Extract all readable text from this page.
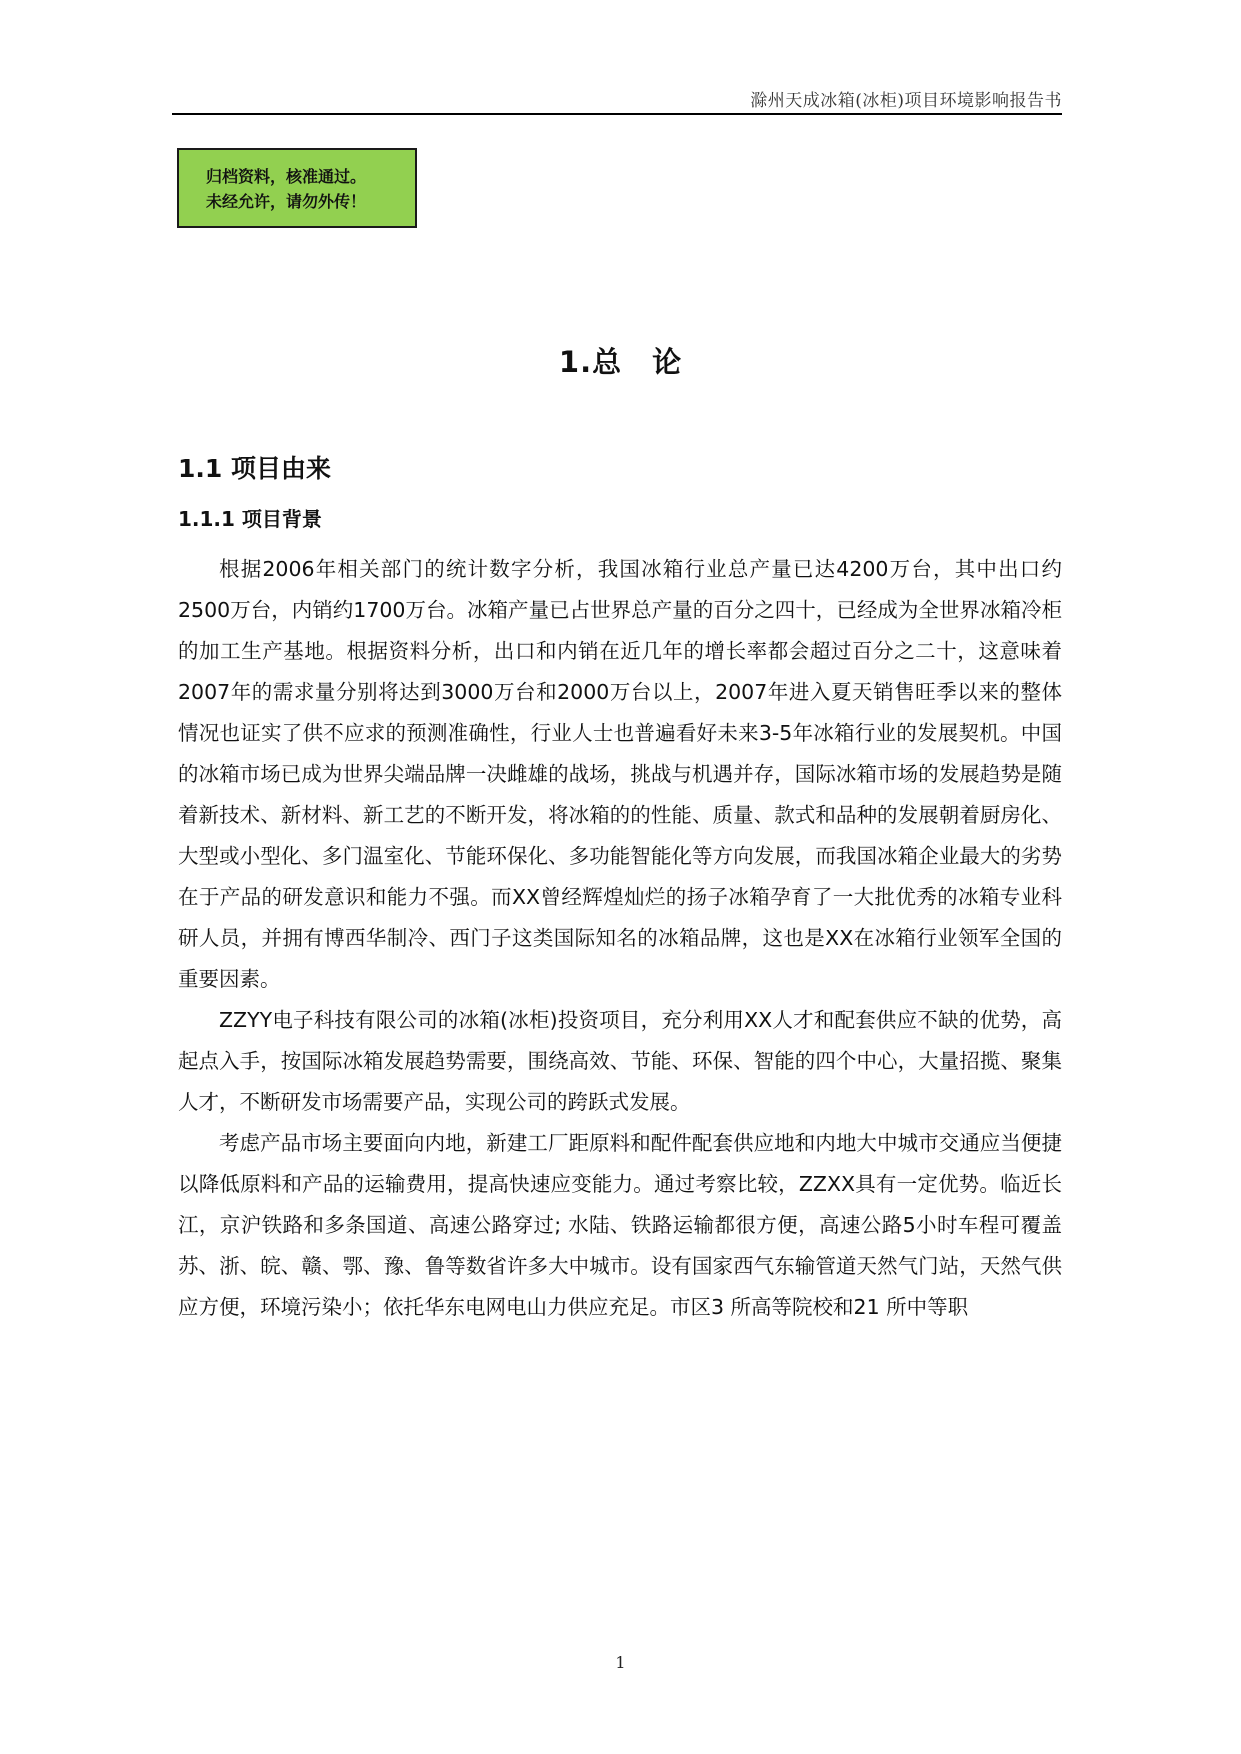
滁州天成冰箱(冰柜)项目环境影响报告书
归档资料，核准通过。
未经允许，请勿外传！
1.总　论
1.1 项目由来
1.1.1 项目背景

根据2006年相关部门的统计数字分析，我国冰箱行业总产量已达4200万台，其中出口约2500万台，内销约1700万台。冰箱产量已占世界总产量的百分之四十，已经成为全世界冰箱冷柜的加工生产基地。根据资料分析，出口和内销在近几年的增长率都会超过百分之二十，这意味着2007年的需求量分别将达到3000万台和2000万台以上，2007年进入夏天销售旺季以来的整体情况也证实了供不应求的预测准确性，行业人士也普遍看好未来3-5年冰箱行业的发展契机。中国的冰箱市场已成为世界尖端品牌一决雌雄的战场，挑战与机遇并存，国际冰箱市场的发展趋势是随着新技术、新材料、新工艺的不断开发，将冰箱的的性能、质量、款式和品种的发展朝着厨房化、大型或小型化、多门温室化、节能环保化、多功能智能化等方向发展，而我国冰箱企业最大的劣势在于产品的研发意识和能力不强。而XX曾经辉煌灿烂的扬子冰箱孕育了一大批优秀的冰箱专业科研人员，并拥有博西华制冷、西门子这类国际知名的冰箱品牌，这也是XX在冰箱行业领军全国的重要因素。

ZZYY电子科技有限公司的冰箱(冰柜)投资项目，充分利用XX人才和配套供应不缺的优势，高起点入手，按国际冰箱发展趋势需要，围绕高效、节能、环保、智能的四个中心，大量招揽、聚集人才，不断研发市场需要产品，实现公司的跨跃式发展。

考虑产品市场主要面向内地，新建工厂距原料和配件配套供应地和内地大中城市交通应当便捷以降低原料和产品的运输费用，提高快速应变能力。通过考察比较，ZZXX具有一定优势。临近长江，京沪铁路和多条国道、高速公路穿过; 水陆、铁路运输都很方便，高速公路5小时车程可覆盖苏、浙、皖、赣、鄂、豫、鲁等数省许多大中城市。设有国家西气东输管道天然气门站，天然气供应方便，环境污染小；依托华东电网电山力供应充足。市区3 所高等院校和21 所中等职

1
